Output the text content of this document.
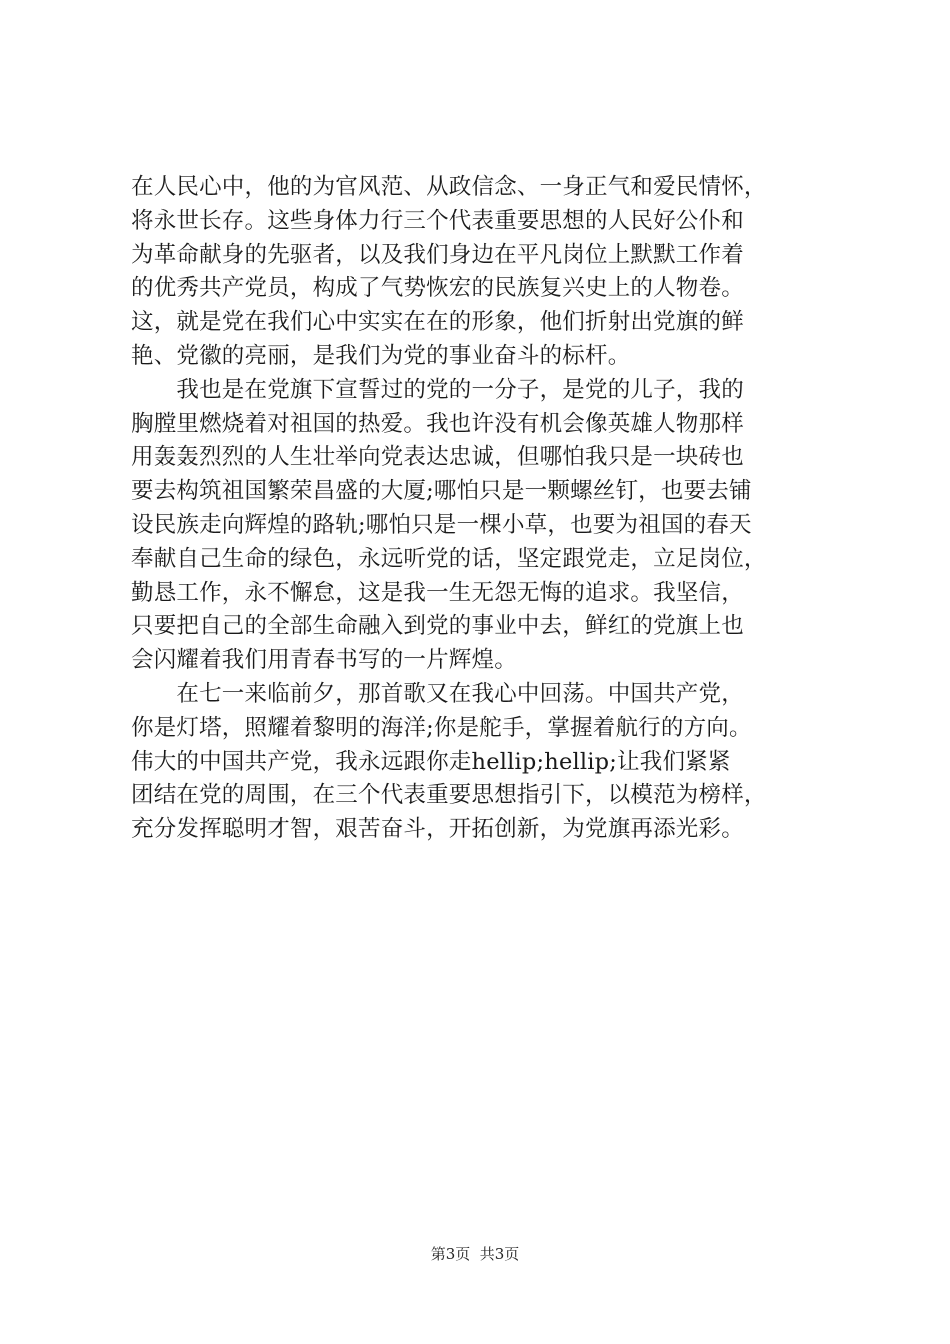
在人民心中，他的为官风范、从政信念、一身正气和爱民情怀，
将永世长存。这些身体力行三个代表重要思想的人民好公仆和
为革命献身的先驱者，以及我们身边在平凡岗位上默默工作着
的优秀共产党员，构成了气势恢宏的民族复兴史上的人物卷。
这，就是党在我们心中实实在在的形象，他们折射出党旗的鲜
艳、党徽的亮丽，是我们为党的事业奋斗的标杆。
　　我也是在党旗下宣誓过的党的一分子，是党的儿子，我的
胸膛里燃烧着对祖国的热爱。我也许没有机会像英雄人物那样
用轰轰烈烈的人生壮举向党表达忠诚，但哪怕我只是一块砖也
要去构筑祖国繁荣昌盛的大厦;哪怕只是一颗螺丝钉，也要去铺
设民族走向辉煌的路轨;哪怕只是一棵小草，也要为祖国的春天
奉献自己生命的绿色，永远听党的话，坚定跟党走，立足岗位，
勤恳工作，永不懈怠，这是我一生无怨无悔的追求。我坚信，
只要把自己的全部生命融入到党的事业中去，鲜红的党旗上也
会闪耀着我们用青春书写的一片辉煌。
　　在七一来临前夕，那首歌又在我心中回荡。中国共产党，
你是灯塔，照耀着黎明的海洋;你是舵手，掌握着航行的方向。
伟大的中国共产党，我永远跟你走hellip;hellip;让我们紧紧
团结在党的周围，在三个代表重要思想指引下，以模范为榜样，
充分发挥聪明才智，艰苦奋斗，开拓创新，为党旗再添光彩。
第3页  共3页
